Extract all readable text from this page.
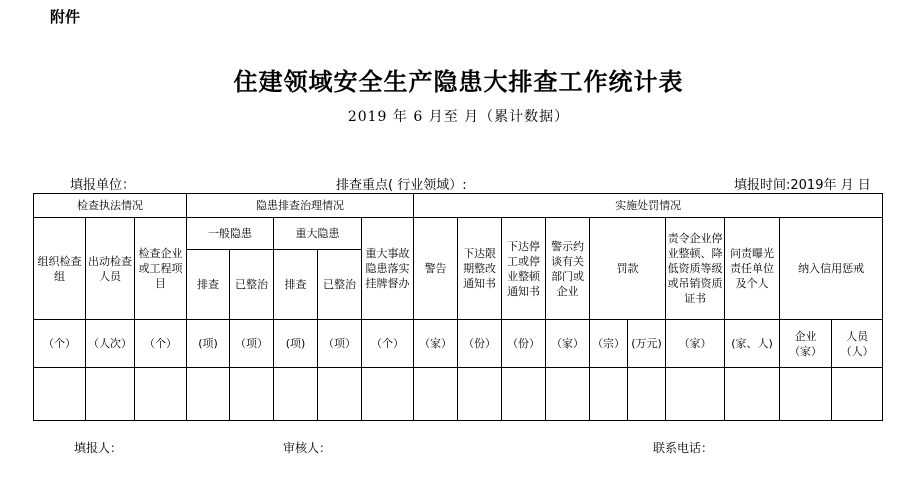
附件
住建领域安全生产隐患大排查工作统计表
2019 年 6 月至 月（累计数据）
填报单位：	排查重点( 行业领域）:	填报时间:2019年 月 日
检查执法情况			隐患排查治理情况					实施处罚情况									
组织检查组	出动检查人员	检查企业或工程项目	一般隐患		重大隐患		重大事故隐患落实挂牌督办	警告	下达限期整改通知书	下达停工或停业整顿通知书	警示约谈有关部门或企业	罚款		责令企业停业整顿、降低资质等级或吊销资质证书	问责曝光责任单位及个人	纳入信用惩戒	
			排查	已整治	排查	已整治											
（个）	（人次）	（个）	(项)	（项）	(项)	（项）	（个）	（家）	（份）	（份）	（家）	（宗）	(万元)	（家）	(家、人)	企业（家）	人员（人）

填报人：	审核人：	联系电话：
